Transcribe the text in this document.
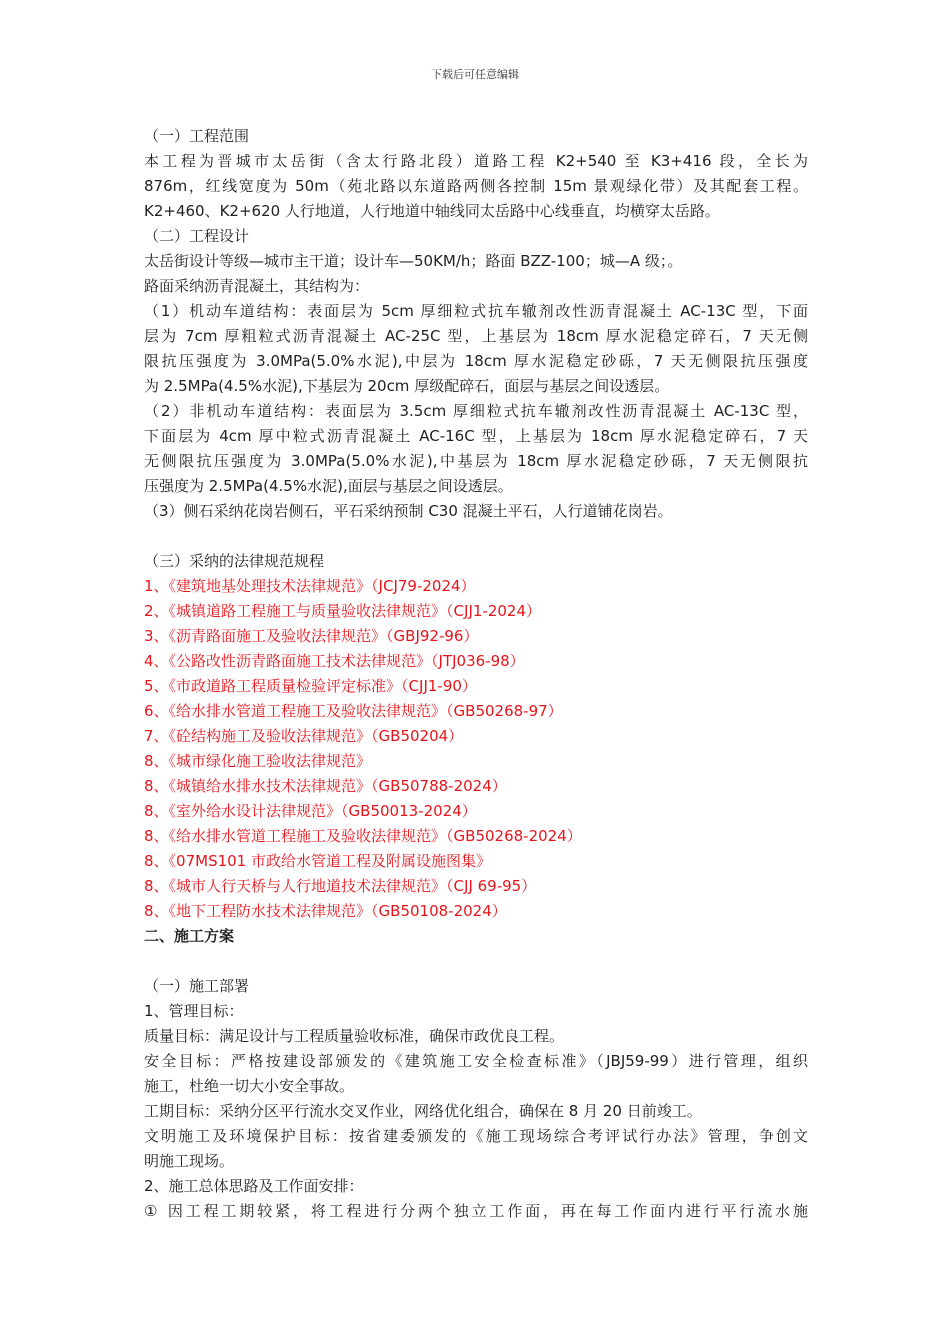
下载后可任意编辑
（一）工程范围
本工程为晋城市太岳街（含太行路北段）道路工程 K2+540 至 K3+416 段，全长为
876m，红线宽度为 50m（苑北路以东道路两侧各控制 15m 景观绿化带）及其配套工程。
K2+460、K2+620 人行地道，人行地道中轴线同太岳路中心线垂直，均横穿太岳路。
（二）工程设计
太岳街设计等级—城市主干道；设计车—50KM/h；路面 BZZ-100；城—A 级；。
路面采纳沥青混凝土，其结构为：
（1）机动车道结构：表面层为 5cm 厚细粒式抗车辙剂改性沥青混凝土 AC-13C 型，下面
层为 7cm 厚粗粒式沥青混凝土 AC-25C 型，上基层为 18cm 厚水泥稳定碎石，7 天无侧
限抗压强度为 3.0MPa(5.0%水泥),中层为 18cm 厚水泥稳定砂砾，7 天无侧限抗压强度
为 2.5MPa(4.5%水泥),下基层为 20cm 厚级配碎石，面层与基层之间设透层。
（2）非机动车道结构：表面层为 3.5cm 厚细粒式抗车辙剂改性沥青混凝土 AC-13C 型，
下面层为 4cm 厚中粒式沥青混凝土 AC-16C 型，上基层为 18cm 厚水泥稳定碎石，7 天
无侧限抗压强度为 3.0MPa(5.0%水泥),中基层为 18cm 厚水泥稳定砂砾，7 天无侧限抗
压强度为 2.5MPa(4.5%水泥),面层与基层之间设透层。
（3）侧石采纳花岗岩侧石，平石采纳预制 C30 混凝土平石，人行道铺花岗岩。
（三）采纳的法律规范规程
1、《建筑地基处理技术法律规范》（JCJ79-2024）
2、《城镇道路工程施工与质量验收法律规范》（CJJ1-2024）
3、《沥青路面施工及验收法律规范》（GBJ92-96）
4、《公路改性沥青路面施工技术法律规范》（JTJ036-98）
5、《市政道路工程质量检验评定标准》（CJJ1-90）
6、《给水排水管道工程施工及验收法律规范》（GB50268-97）
7、《砼结构施工及验收法律规范》（GB50204）
8、《城市绿化施工验收法律规范》
8、《城镇给水排水技术法律规范》（GB50788-2024）
8、《室外给水设计法律规范》（GB50013-2024）
8、《给水排水管道工程施工及验收法律规范》（GB50268-2024）
8、《07MS101 市政给水管道工程及附属设施图集》
8、《城市人行天桥与人行地道技术法律规范》（CJJ 69-95）
8、《地下工程防水技术法律规范》（GB50108-2024）
二、施工方案
（一）施工部署
1、管理目标：
质量目标：满足设计与工程质量验收标准，确保市政优良工程。
安全目标：严格按建设部颁发的《建筑施工安全检查标准》（JBJ59-99）进行管理，组织
施工，杜绝一切大小安全事故。
工期目标：采纳分区平行流水交叉作业，网络优化组合，确保在 8 月 20 日前竣工。
文明施工及环境保护目标：按省建委颁发的《施工现场综合考评试行办法》管理，争创文
明施工现场。
2、施工总体思路及工作面安排：
① 因工程工期较紧，将工程进行分两个独立工作面，再在每工作面内进行平行流水施
